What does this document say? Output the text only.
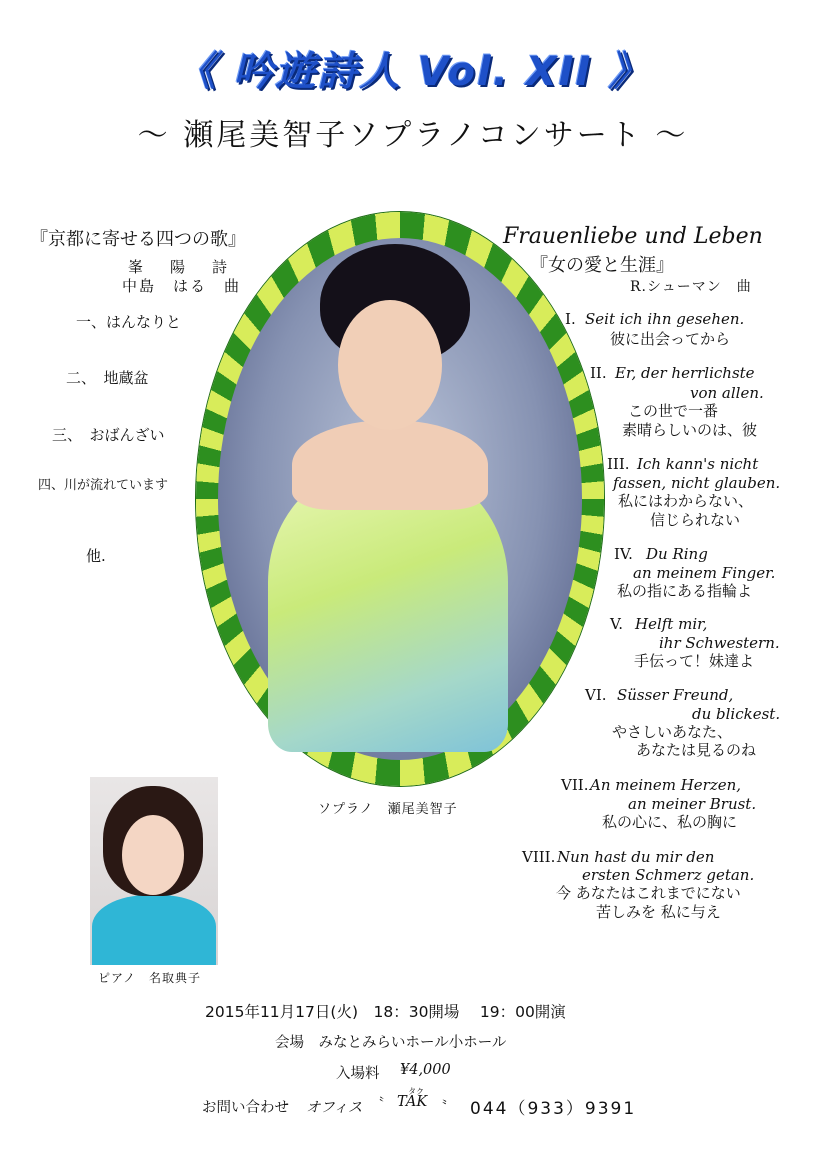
《 吟遊詩人 Vol. XII 》
～ 瀬尾美智子ソプラノコンサート ～
『京都に寄せる四つの歌』
峯　陽　詩
中島　はる　曲
一、はんなりと
二、　地蔵盆
三、　おばんざい
四、川が流れています
他.
ソプラノ　瀬尾美智子
Frauenliebe und Leben
『女の愛と生涯』
R.シューマン　曲
I. Seit ich ihn gesehen.
彼に出会ってから
II. Er, der herrlichste
von allen.
この世で一番
素晴らしいのは、彼
III. Ich kann's nicht
fassen, nicht glauben.
私にはわからない、
信じられない
IV. Du Ring
an meinem Finger.
私の指にある指輪よ
V. Helft mir,
ihr Schwestern.
手伝って！妹達よ
VI. Süsser Freund,
du blickest.
やさしいあなた、
あなたは見るのね
VII. An meinem Herzen,
an meiner Brust.
私の心に、私の胸に
VIII. Nun hast du mir den
ersten Schmerz getan.
今 あなたはこれまでにない
苦しみを 私に与え
ピアノ　名取典子
2015年11月17日(火)　18：30開場　 19：00開演
会場　みなとみらいホール小ホール
入場料 ¥4,000
お問い合わせ オフィス 〝
タク
TAK 〟 044（933）9391
